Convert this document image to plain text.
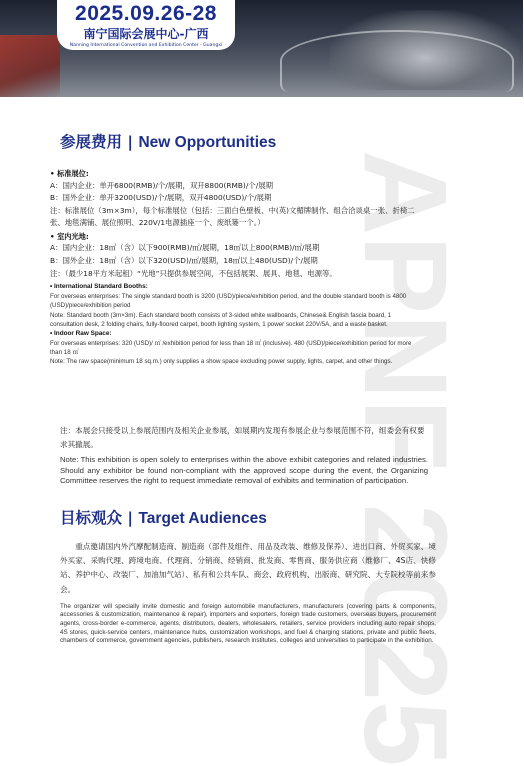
2025.09.26-28
南宁国际会展中心-广西
Nanning International Convention and Exhibition Center - Guangxi
APNF 2025
参展费用 | New Opportunities
• 标准展位:
A：国内企业：单开6800(RMB)/个/展期，双开8800(RMB)/个/展期
B：国外企业：单开3200(USD)/个/展期，双开4800(USD)/个/展期
注：标准展位（3m×3m），每个标准展位（包括：三面白色壁板、中(英)文楣牌制作、组合洽谈桌一张、折椅二张、地毯满铺、展位照明、220V/1电源插座一个、废纸篓一个。）
• 室内光地:
A：国内企业：18㎡（含）以下900(RMB)/㎡/展期，18㎡以上800(RMB)/㎡/展期
B：国外企业：18㎡（含）以下320(USD)/㎡/展期，18㎡以上480(USD)/个/展期
注：（最少18平方米起租）“光地”只提供参展空间，不包括展架、展具、地毯、电源等。
• International Standard Booths:
For overseas enterprises: The single standard booth is 3200 (USD)/piece/exhibition period, and the double standard booth is 4800 (USD)/piece/exhibition period
Note: Standard booth (3m×3m). Each standard booth consists of 3-sided white wallboards, Chinese& English fascia board, 1 consultation desk, 2 folding chairs, fully-floored carpet, booth lighting system, 1 power socket 220V/5A, and a waste basket.
• Indoor Raw Space:
For overseas enterprises: 320 (USD)/ ㎡ /exhibition period for less than 18 ㎡ (inclusive). 480 (USD)/piece/exhibition period for more than 18 ㎡
Note: The raw space(minimum 18 sq.m.) only supplies a show space excluding power supply, lights, carpet, and other things.
注：本展会只接受以上参展范围内及相关企业参展，如展期内发现有参展企业与参展范围不符，组委会有权要求其撤展。
Note: This exhibition is open solely to enterprises within the above exhibit categories and related industries. Should any exhibitor be found non-compliant with the approved scope during the event, the Organizing Committee reserves the right to request immediate removal of exhibits and termination of participation.
目标观众 | Target Audiences
重点邀请国内外汽摩配制造商、制造商（部件及组件、用品及改装、维修及保养）、进出口商、外贸买家、境外买家、采购代理、跨境电商、代理商、分销商、经销商、批发商、零售商、服务供应商（维修厂、4S店、快修站、养护中心、改装厂、加油加气站）、私有和公共车队、商会、政府机构、出版商、研究院、大专院校等前来参会。
The organizer will specially invite domestic and foreign automobile manufacturers, manufacturers (covering parts & components, accessories & customization, maintenance & repair), importers and exporters, foreign trade customers, overseas buyers, procurement agents, cross-border e-commerce, agents, distributors, dealers, wholesalers, retailers, service providers including auto repair shops, 4S stores, quick-service centers, maintenance hubs, customization workshops, and fuel & charging stations, private and public fleets, chambers of commerce, government agencies, publishers, research institutes, colleges and universities to participate in the exhibition.
